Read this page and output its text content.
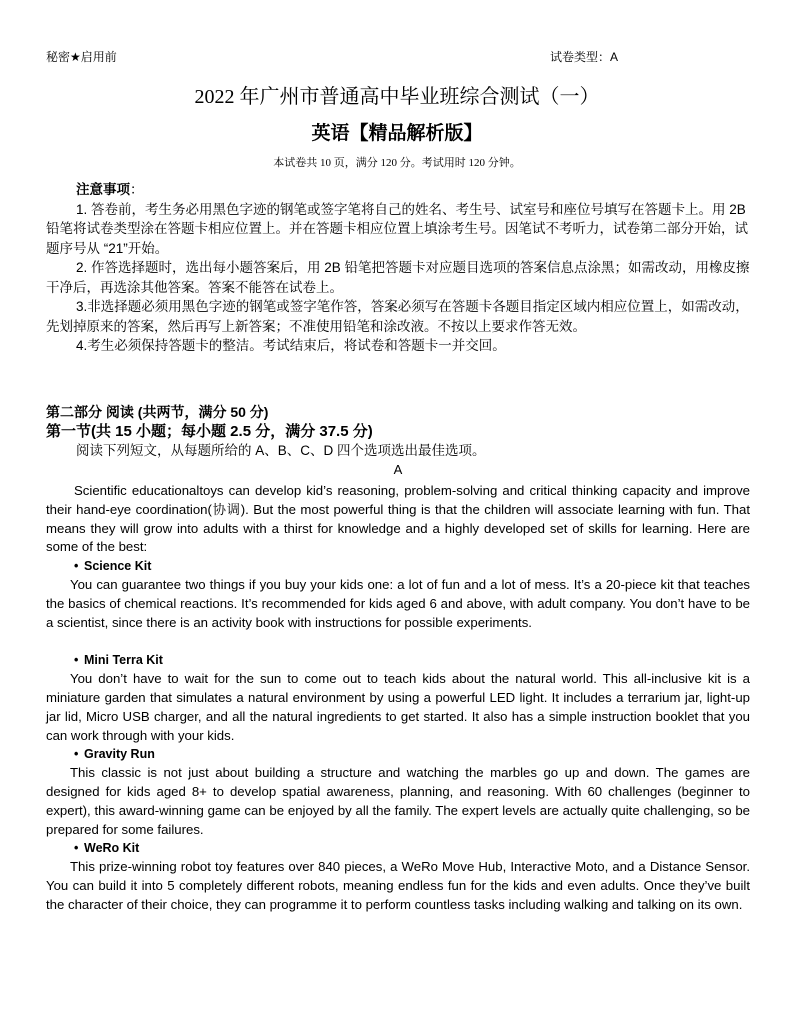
秘密★启用前	试卷类型：A
2022 年广州市普通高中毕业班综合测试（一）
英语【精品解析版】
本试卷共 10 页，满分 120 分。考试用时 120 分钟。
注意事项：

1. 答卷前，考生务必用黑色字迹的钢笔或签字笔将自己的姓名、考生号、试室号和座位号填写在答题卡上。用 2B 铅笔将试卷类型涂在答题卡相应位置上。并在答题卡相应位置上填涂考生号。因笔试不考听力，试卷第二部分开始，试题序号从 “21”开始。

2. 作答选择题时，选出每小题答案后，用 2B 铅笔把答题卡对应题目选项的答案信息点涂黑；如需改动，用橡皮擦干净后，再选涂其他答案。答案不能答在试卷上。

3.非选择题必须用黑色字迹的钢笔或签字笔作答，答案必须写在答题卡各题目指定区域内相应位置上，如需改动，先划掉原来的答案，然后再写上新答案；不准使用铅笔和涂改液。不按以上要求作答无效。

4.考生必须保持答题卡的整洁。考试结束后，将试卷和答题卡一并交回。

第二部分 阅读 (共两节，满分 50 分)
第一节(共 15 小题；每小题 2.5 分，满分 37.5 分)
阅读下列短文，从每题所给的 A、B、C、D 四个选项选出最佳选项。
A

Scientific educationaltoys can develop kid’s reasoning, problem-solving and critical thinking capacity and improve their hand-eye coordination(协调). But the most powerful thing is that the children will associate learning with fun. That means they will grow into adults with a thirst for knowledge and a highly developed set of skills for learning. Here are some of the best:

• Science Kit

You can guarantee two things if you buy your kids one: a lot of fun and a lot of mess. It’s a 20-piece kit that teaches the basics of chemical reactions. It’s recommended for kids aged 6 and above, with adult company. You don’t have to be a scientist, since there is an activity book with instructions for possible experiments.

• Mini Terra Kit

You don’t have to wait for the sun to come out to teach kids about the natural world. This all-inclusive kit is a miniature garden that simulates a natural environment by using a powerful LED light. It includes a terrarium jar, light-up jar lid, Micro USB charger, and all the natural ingredients to get started. It also has a simple instruction booklet that you can work through with your kids.

• Gravity Run

This classic is not just about building a structure and watching the marbles go up and down. The games are designed for kids aged 8+ to develop spatial awareness, planning, and reasoning. With 60 challenges (beginner to expert), this award-winning game can be enjoyed by all the family. The expert levels are actually quite challenging, so be prepared for some failures.

• WeRo Kit

This prize-winning robot toy features over 840 pieces, a WeRo Move Hub, Interactive Moto, and a Distance Sensor. You can build it into 5 completely different robots, meaning endless fun for the kids and even adults. Once they’ve built the character of their choice, they can programme it to perform countless tasks including walking and talking on its own.
